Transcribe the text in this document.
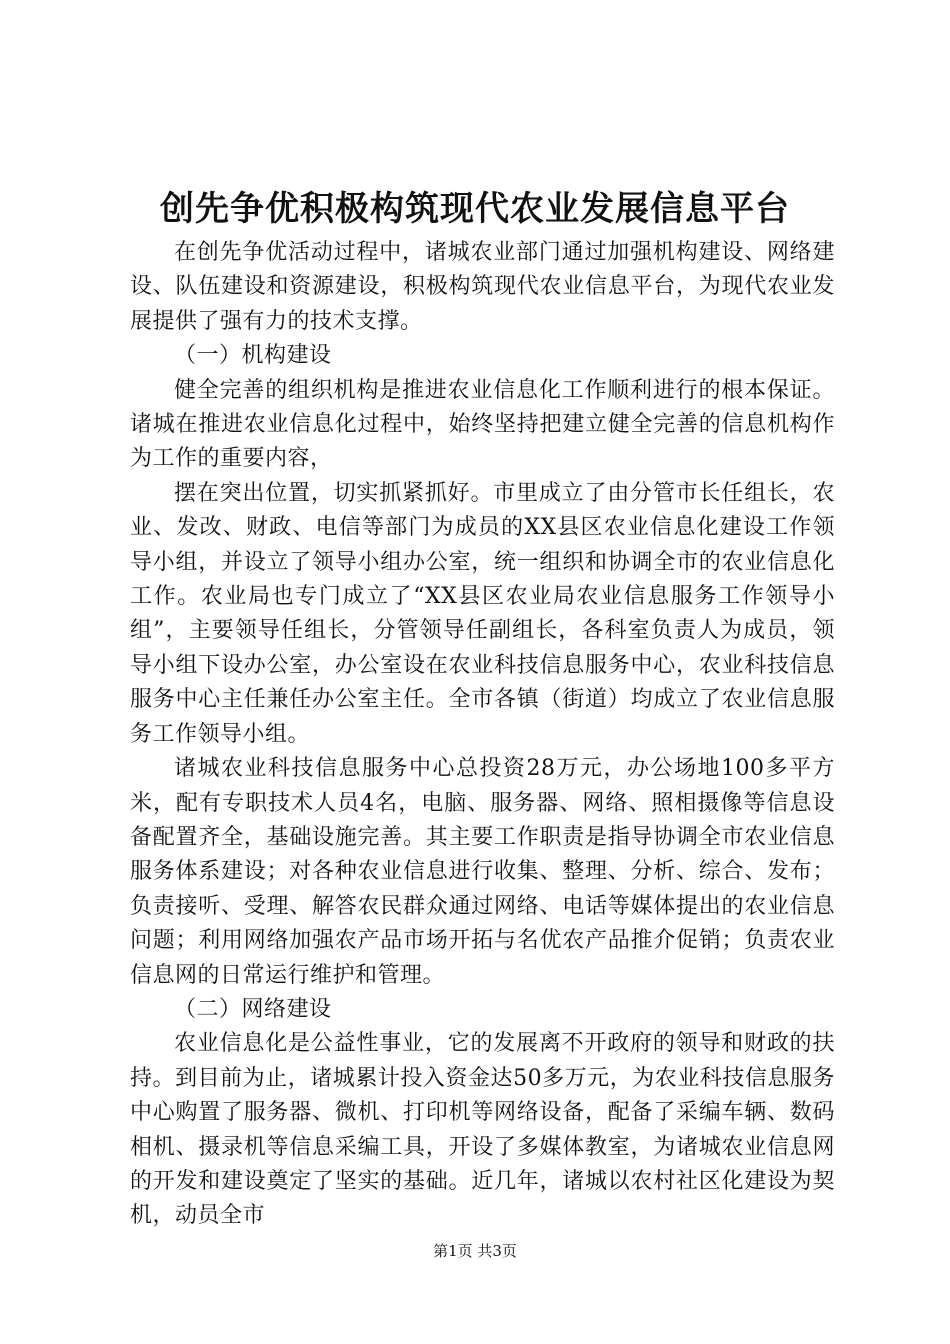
创先争优积极构筑现代农业发展信息平台

在创先争优活动过程中，诸城农业部门通过加强机构建设、网络建设、队伍建设和资源建设，积极构筑现代农业信息平台，为现代农业发展提供了强有力的技术支撑。

（一）机构建设

健全完善的组织机构是推进农业信息化工作顺利进行的根本保证。诸城在推进农业信息化过程中，始终坚持把建立健全完善的信息机构作为工作的重要内容，

摆在突出位置，切实抓紧抓好。市里成立了由分管市长任组长，农业、发改、财政、电信等部门为成员的XX县区农业信息化建设工作领导小组，并设立了领导小组办公室，统一组织和协调全市的农业信息化工作。农业局也专门成立了“XX县区农业局农业信息服务工作领导小组”，主要领导任组长，分管领导任副组长，各科室负责人为成员，领导小组下设办公室，办公室设在农业科技信息服务中心，农业科技信息服务中心主任兼任办公室主任。全市各镇（街道）均成立了农业信息服务工作领导小组。

诸城农业科技信息服务中心总投资28万元，办公场地100多平方米，配有专职技术人员4名，电脑、服务器、网络、照相摄像等信息设备配置齐全，基础设施完善。其主要工作职责是指导协调全市农业信息服务体系建设；对各种农业信息进行收集、整理、分析、综合、发布；负责接听、受理、解答农民群众通过网络、电话等媒体提出的农业信息问题；利用网络加强农产品市场开拓与名优农产品推介促销；负责农业信息网的日常运行维护和管理。

（二）网络建设

农业信息化是公益性事业，它的发展离不开政府的领导和财政的扶持。到目前为止，诸城累计投入资金达50多万元，为农业科技信息服务中心购置了服务器、微机、打印机等网络设备，配备了采编车辆、数码相机、摄录机等信息采编工具，开设了多媒体教室，为诸城农业信息网的开发和建设奠定了坚实的基础。近几年，诸城以农村社区化建设为契机，动员全市

第1页 共3页
